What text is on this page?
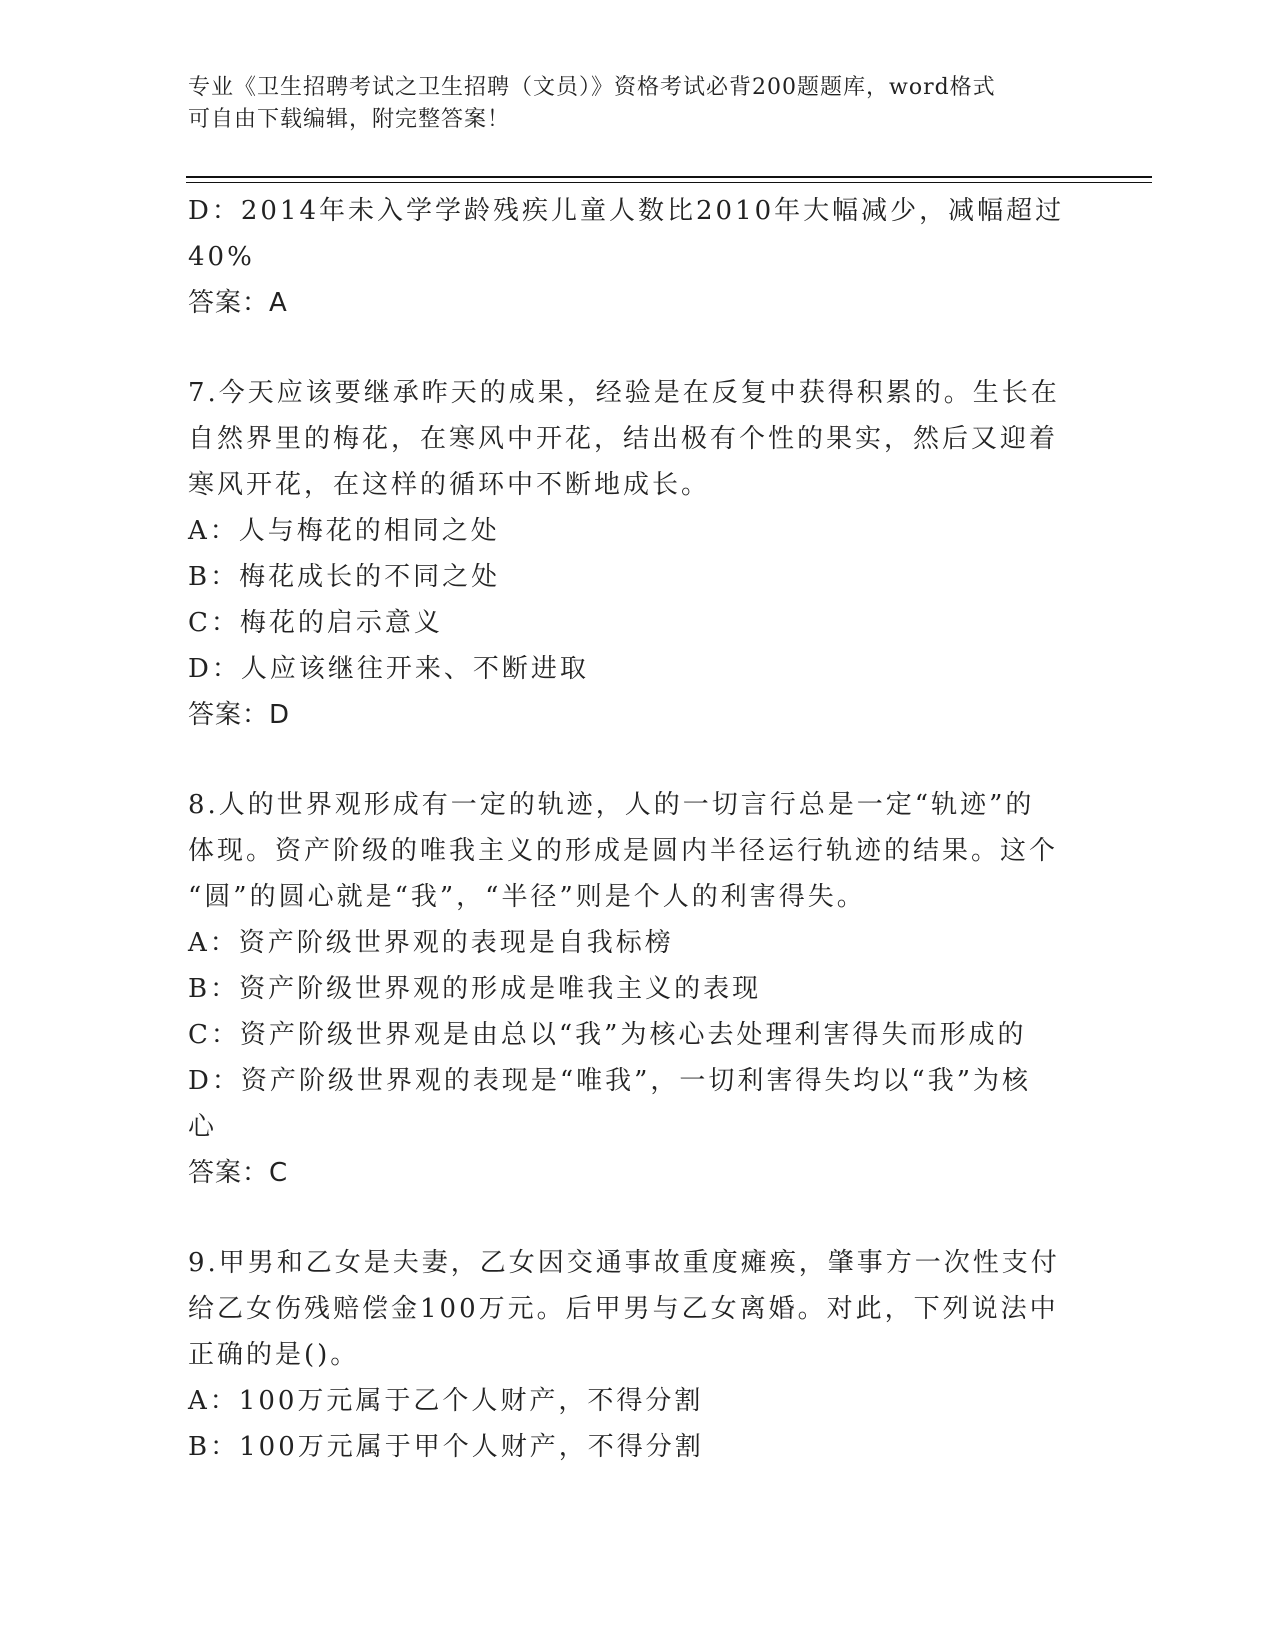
专业《卫生招聘考试之卫生招聘（文员）》资格考试必背200题题库，word格式
可自由下载编辑，附完整答案！
D：2014年未入学学龄残疾儿童人数比2010年大幅减少，减幅超过
40%
答案：A
7.今天应该要继承昨天的成果，经验是在反复中获得积累的。生长在
自然界里的梅花，在寒风中开花，结出极有个性的果实，然后又迎着
寒风开花，在这样的循环中不断地成长。
A：人与梅花的相同之处
B：梅花成长的不同之处
C：梅花的启示意义
D：人应该继往开来、不断进取
答案：D
8.人的世界观形成有一定的轨迹，人的一切言行总是一定“轨迹”的
体现。资产阶级的唯我主义的形成是圆内半径运行轨迹的结果。这个
“圆”的圆心就是“我”，“半径”则是个人的利害得失。
A：资产阶级世界观的表现是自我标榜
B：资产阶级世界观的形成是唯我主义的表现
C：资产阶级世界观是由总以“我”为核心去处理利害得失而形成的
D：资产阶级世界观的表现是“唯我”，一切利害得失均以“我”为核
心
答案：C
9.甲男和乙女是夫妻，乙女因交通事故重度瘫痪，肇事方一次性支付
给乙女伤残赔偿金100万元。后甲男与乙女离婚。对此，下列说法中
正确的是()。
A：100万元属于乙个人财产，不得分割
B：100万元属于甲个人财产，不得分割
